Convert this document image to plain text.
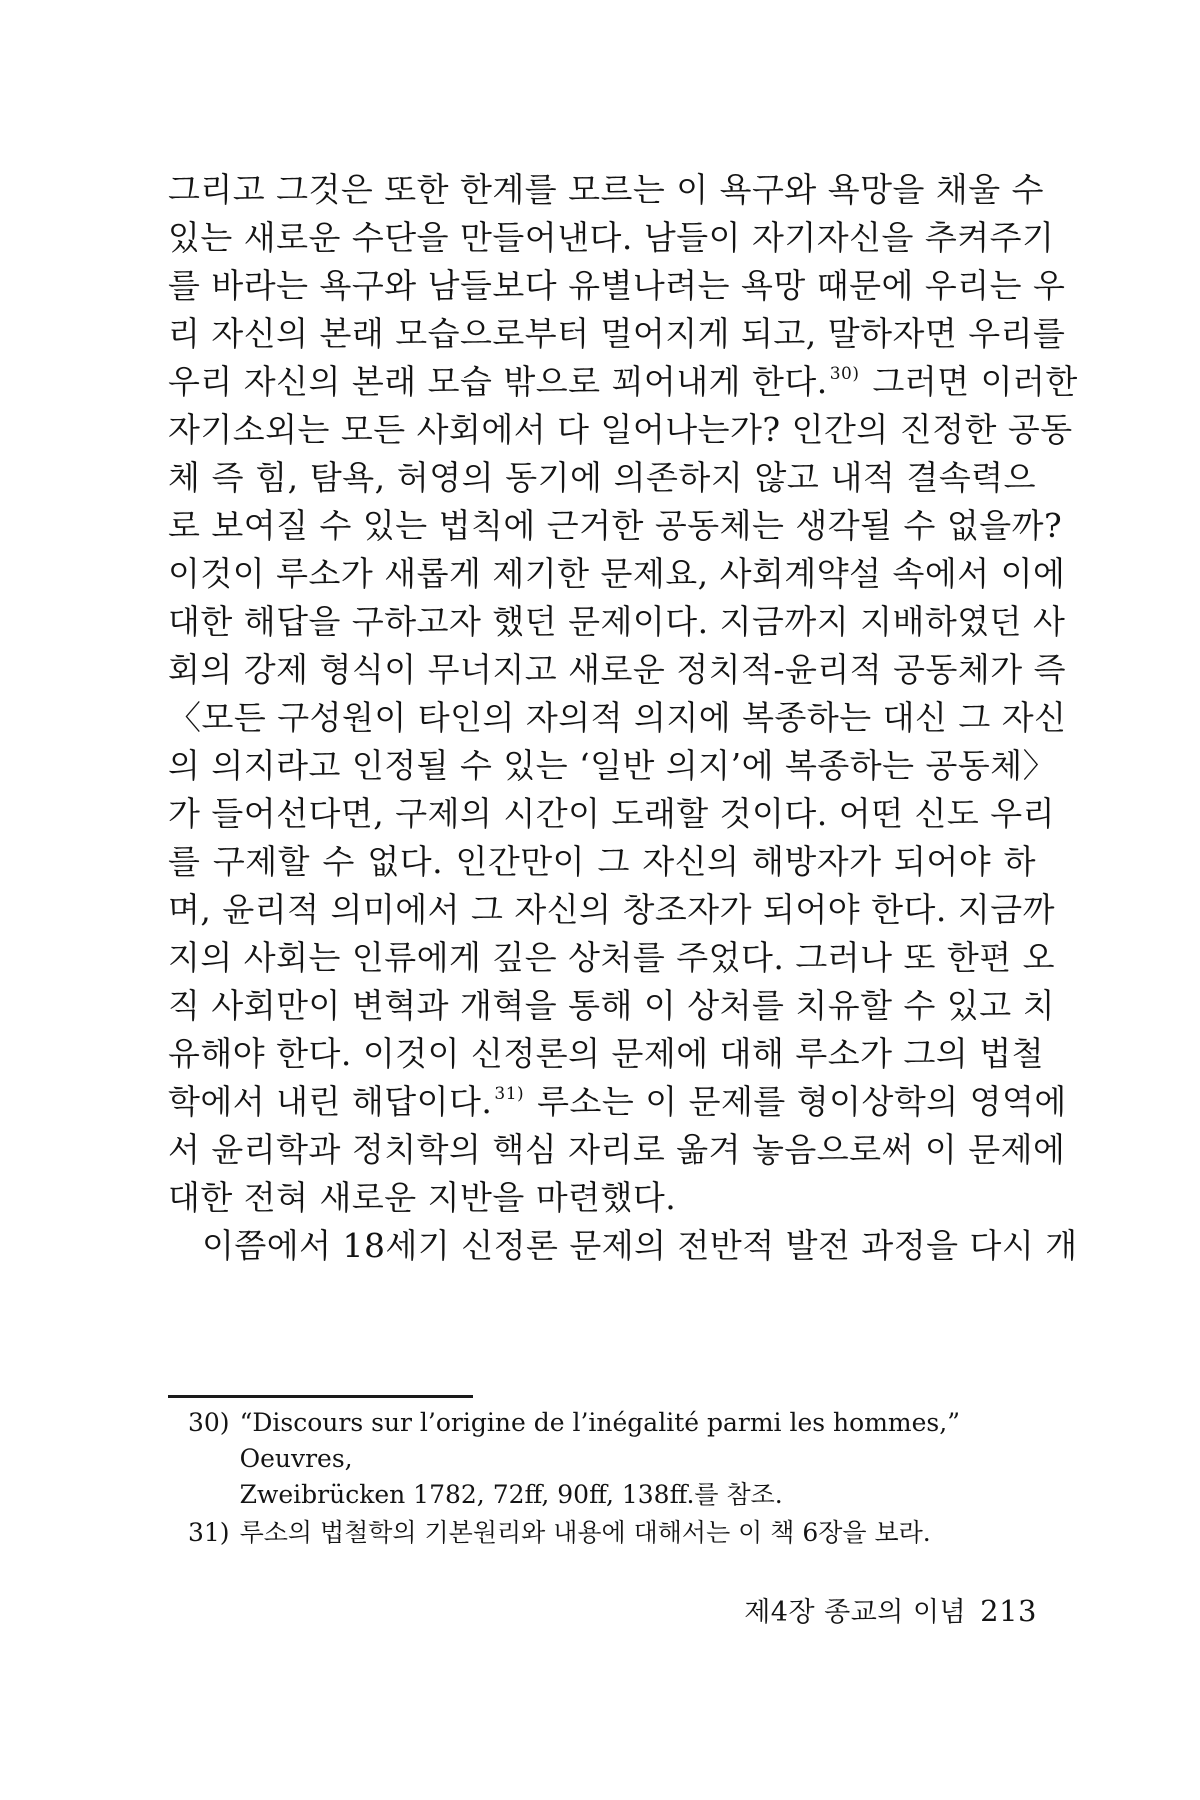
그리고 그것은 또한 한계를 모르는 이 욕구와 욕망을 채울 수
있는 새로운 수단을 만들어낸다. 남들이 자기자신을 추켜주기
를 바라는 욕구와 남들보다 유별나려는 욕망 때문에 우리는 우
리 자신의 본래 모습으로부터 멀어지게 되고, 말하자면 우리를
우리 자신의 본래 모습 밖으로 꾀어내게 한다. $^{30)}$ 그러면 이러한
자기소외는 모든 사회에서 다 일어나는가? 인간의 진정한 공동
체 즉 힘, 탐욕, 허영의 동기에 의존하지 않고 내적 결속력으
로 보여질 수 있는 법칙에 근거한 공동체는 생각될 수 없을까?
이것이 루소가 새롭게 제기한 문제요, 사회계약설 속에서 이에
대한 해답을 구하고자 했던 문제이다. 지금까지 지배하였던 사
회의 강제 형식이 무너지고 새로운 정치적-윤리적 공동체가 즉
〈모든 구성원이 타인의 자의적 의지에 복종하는 대신 그 자신
의 의지라고 인정될 수 있는 ‘일반 의지’에 복종하는 공동체〉
가 들어선다면, 구제의 시간이 도래할 것이다. 어떤 신도 우리
를 구제할 수 없다. 인간만이 그 자신의 해방자가 되어야 하
며, 윤리적 의미에서 그 자신의 창조자가 되어야 한다. 지금까
지의 사회는 인류에게 깊은 상처를 주었다. 그러나 또 한편 오
직 사회만이 변혁과 개혁을 통해 이 상처를 치유할 수 있고 치
유해야 한다. 이것이 신정론의 문제에 대해 루소가 그의 법철
학에서 내린 해답이다. $^{31)}$ 루소는 이 문제를 형이상학의 영역에
서 윤리학과 정치학의 핵심 자리로 옮겨 놓음으로써 이 문제에
대한 전혀 새로운 지반을 마련했다.

이쯤에서 18세기 신정론 문제의 전반적 발전 과정을 다시 개

30) “Discours sur l’origine de l’inégalité parmi les hommes,” Oeuvres,
Zweibrücken 1782, 72ff, 90ff, 138ff.를 참조.
31) 루소의 법철학의 기본원리와 내용에 대해서는 이 책 6장을 보라.
제4장 종교의 이념 213
